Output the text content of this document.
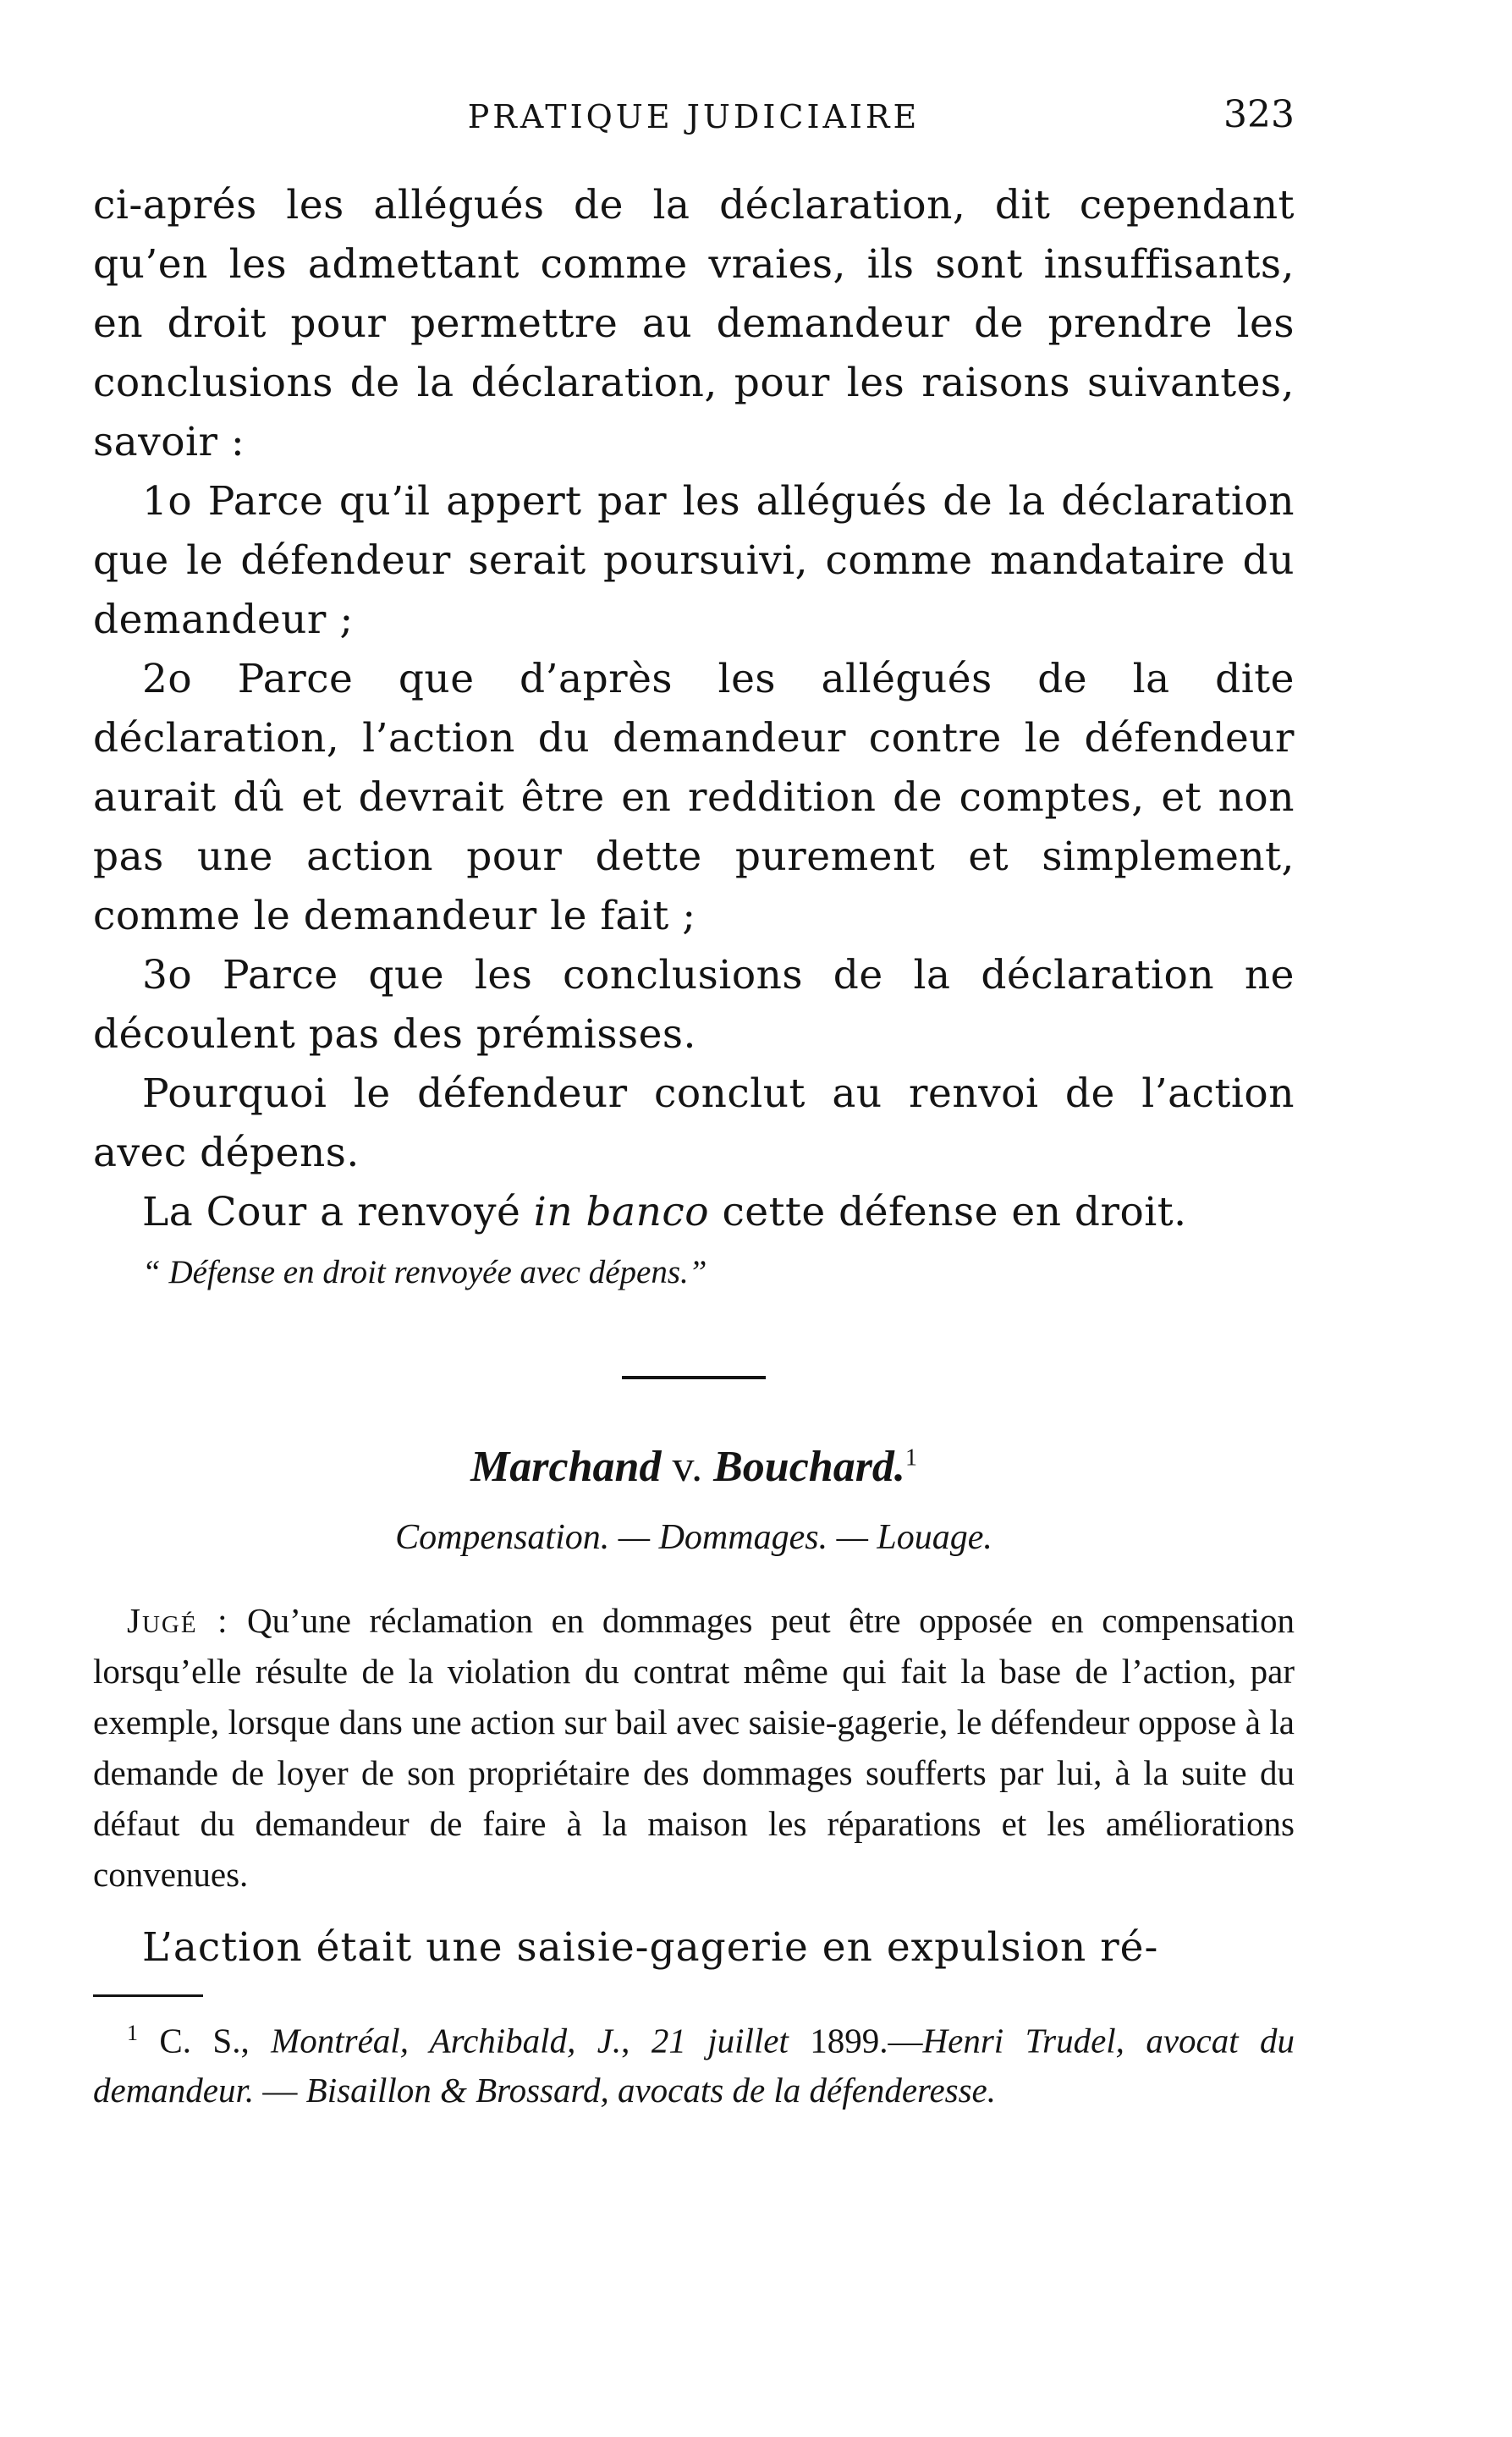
PRATIQUE JUDICIAIRE	323

ci-aprés les allégués de la déclaration, dit cependant qu’en les admettant comme vraies, ils sont insuffisants, en droit pour permettre au demandeur de prendre les conclusions de la déclaration, pour les raisons suivantes, savoir :

1o Parce qu’il appert par les allégués de la déclaration que le défendeur serait poursuivi, comme mandataire du demandeur ;

2o Parce que d’après les allégués de la dite déclaration, l’action du demandeur contre le défendeur aurait dû et devrait être en reddition de comptes, et non pas une action pour dette purement et simplement, comme le demandeur le fait ;

3o Parce que les conclusions de la déclaration ne découlent pas des prémisses.

Pourquoi le défendeur conclut au renvoi de l’action avec dépens.

La Cour a renvoyé in banco cette défense en droit.

“ Défense en droit renvoyée avec dépens.”
Marchand v. Bouchard.$^1$
Compensation. — Dommages. — Louage.
Jugé : Qu’une réclamation en dommages peut être opposée en compensation lorsqu’elle résulte de la violation du contrat même qui fait la base de l’action, par exemple, lorsque dans une action sur bail avec saisie-gagerie, le défendeur oppose à la demande de loyer de son propriétaire des dommages soufferts par lui, à la suite du défaut du demandeur de faire à la maison les réparations et les améliorations convenues.
L’action était une saisie-gagerie en expulsion ré-
$^1$ C. S., Montréal, Archibald, J., 21 juillet 1899.—Henri Trudel, avocat du demandeur. — Bisaillon & Brossard, avocats de la défenderesse.
